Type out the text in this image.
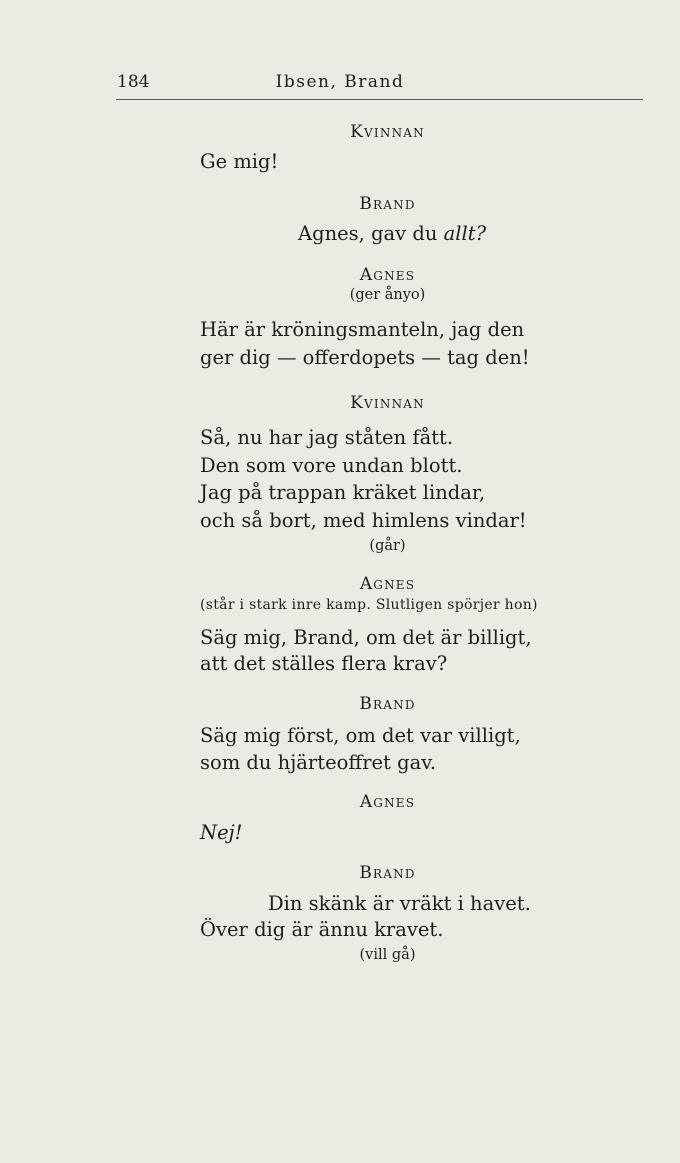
184	Ibsen, Brand
Kvinnan
Ge mig!
Brand
Agnes, gav du allt?
Agnes
(ger ånyo)
Här är kröningsmanteln, jag den
ger dig — offerdopets — tag den!
Kvinnan
Så, nu har jag ståten fått.
Den som vore undan blott.
Jag på trappan kräket lindar,
och så bort, med himlens vindar!
(går)
Agnes
(står i stark inre kamp. Slutligen spörjer hon)
Säg mig, Brand, om det är billigt,
att det ställes flera krav?
Brand
Säg mig först, om det var villigt,
som du hjärteoffret gav.
Agnes
Nej!
Brand
Din skänk är vräkt i havet.
Över dig är ännu kravet.
(vill gå)
